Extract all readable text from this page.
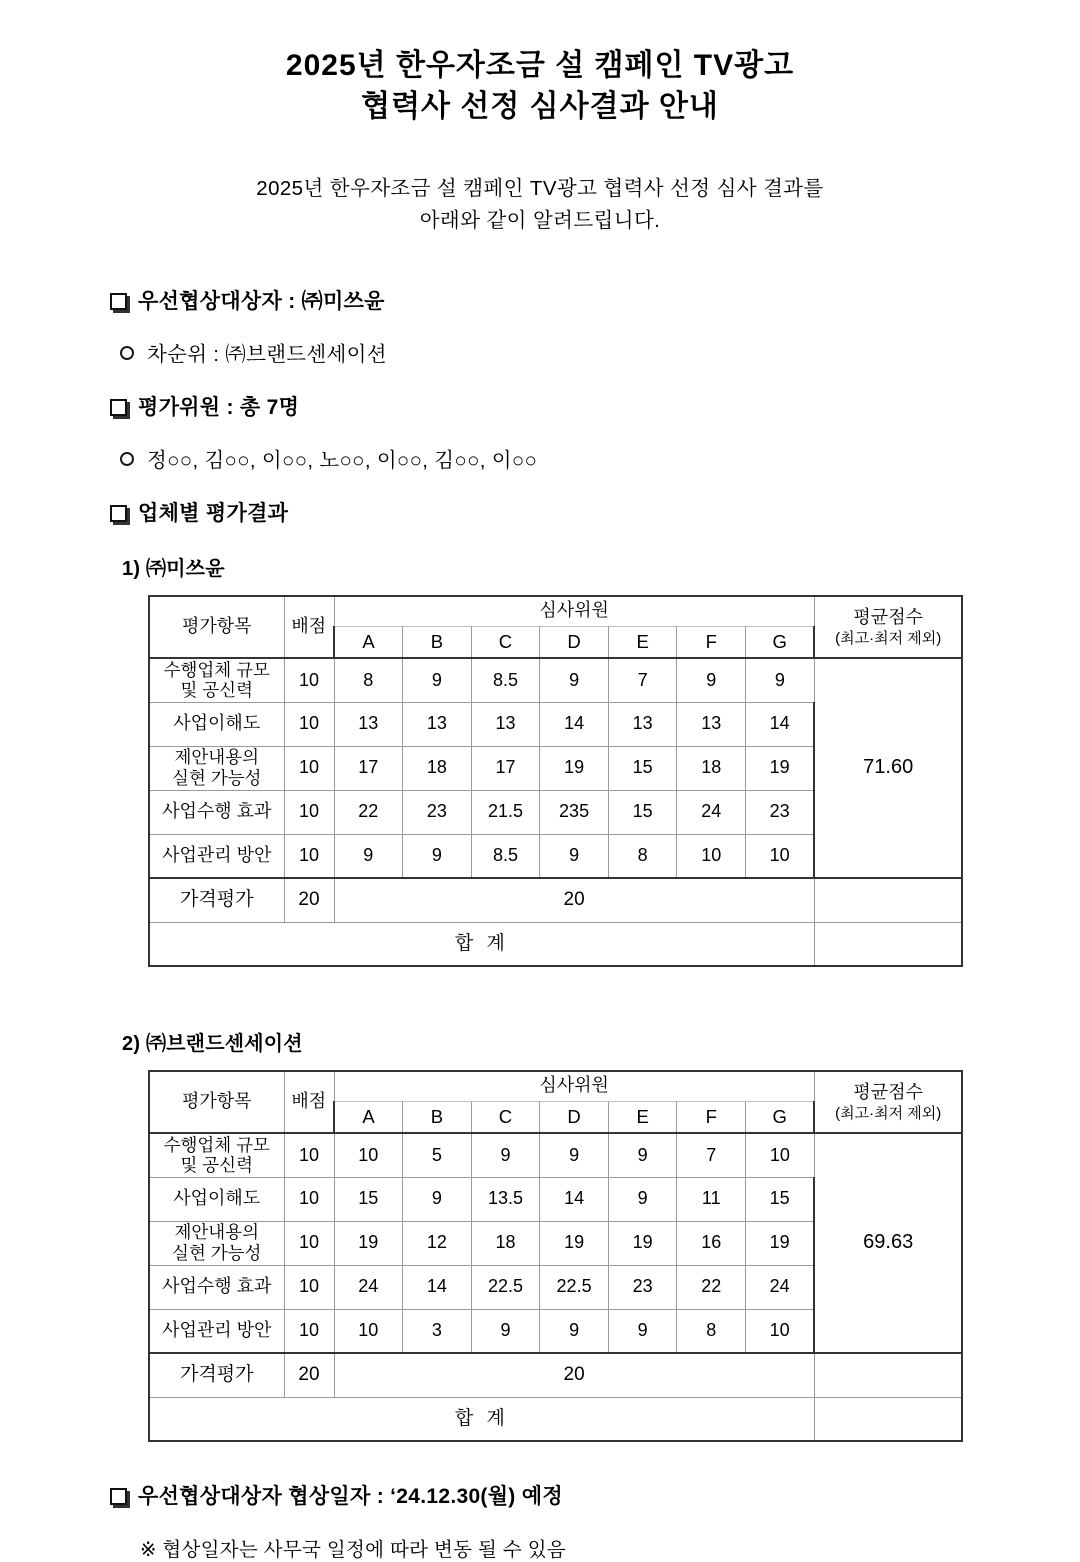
2025년 한우자조금 설 캠페인 TV광고
협력사 선정 심사결과 안내

2025년 한우자조금 설 캠페인 TV광고 협력사 선정 심사 결과를
아래와 같이 알려드립니다.

우선협상대상자 : ㈜미쓰윤
차순위 : ㈜브랜드센세이션
평가위원 : 총 7명
정○○, 김○○, 이○○, 노○○, 이○○, 김○○, 이○○
업체별 평가결과
1) ㈜미쓰윤
평가항목	배점	심사위원							평균점수
(최고·최저 제외)

		A	B	C	D	E	F	G	

수행업체 규모
및 공신력	10	8	9	8.5	9	7	9	9	71.60
사업이해도	10	13	13	13	14	13	13	14	

제안내용의
실현 가능성	10	17	18	17	19	15	18	19	
사업수행 효과	10	22	23	21.5	235	15	24	23	
사업관리 방안	10	9	9	8.5	9	8	10	10	
가격평가	20	20							
합 계									
2) ㈜브랜드센세이션
평가항목	배점	심사위원							평균점수
(최고·최저 제외)

		A	B	C	D	E	F	G	

수행업체 규모
및 공신력	10	10	5	9	9	9	7	10	69.63
사업이해도	10	15	9	13.5	14	9	11	15	

제안내용의
실현 가능성	10	19	12	18	19	19	16	19	
사업수행 효과	10	24	14	22.5	22.5	23	22	24	
사업관리 방안	10	10	3	9	9	9	8	10	
가격평가	20	20							
합 계									
우선협상대상자 협상일자 : ‘24.12.30(월) 예정
※ 협상일자는 사무국 일정에 따라 변동 될 수 있음
